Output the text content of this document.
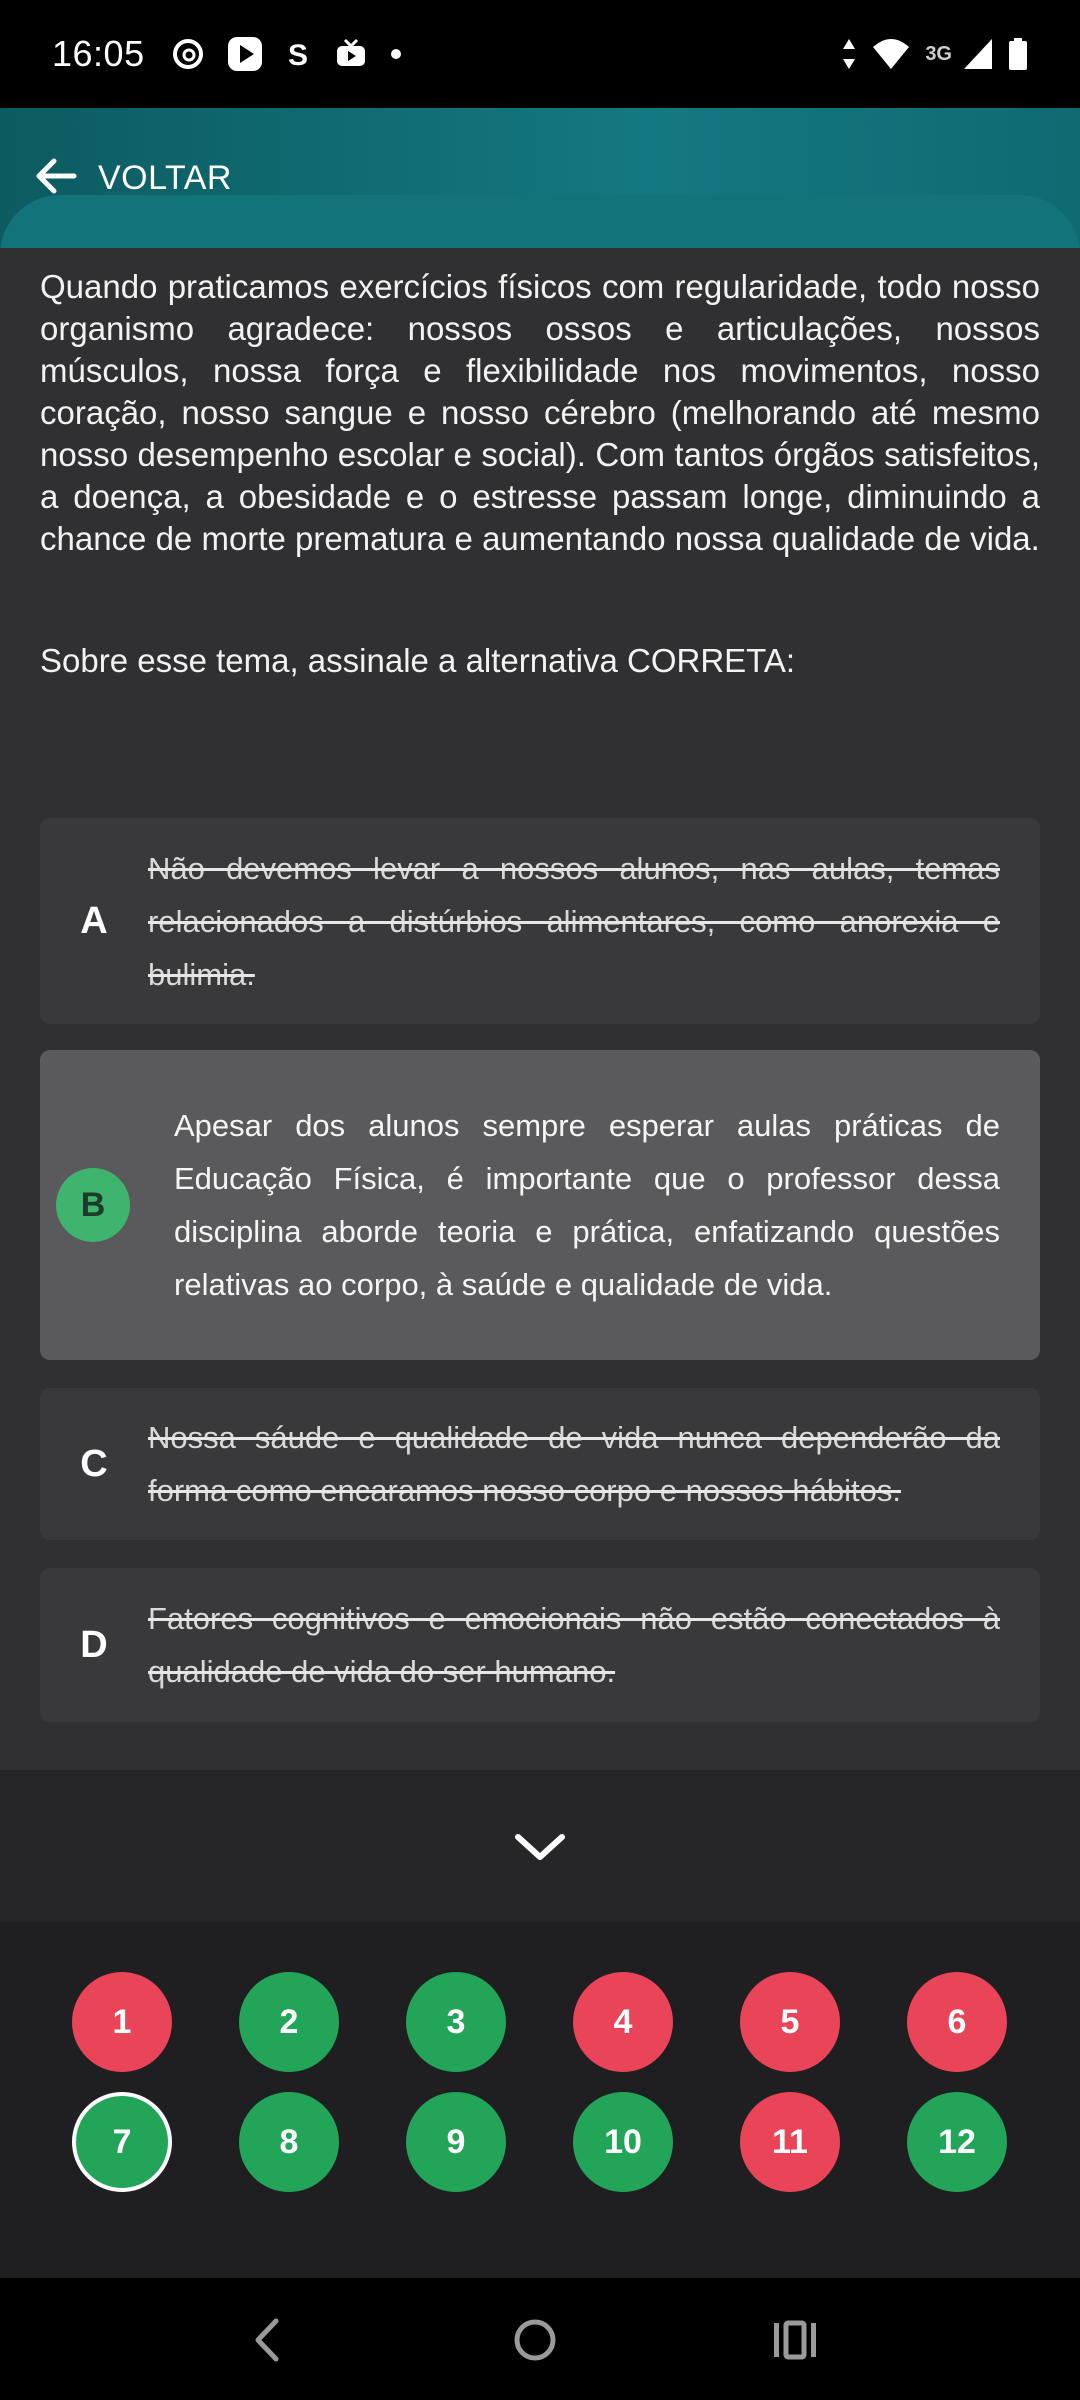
16:05	S	3G
VOLTAR

Quando praticamos exercícios físicos com regularidade, todo nosso organismo agradece: nossos ossos e articulações, nossos músculos, nossa força e flexibilidade nos movimentos, nosso coração, nosso sangue e nosso cérebro (melhorando até mesmo nosso desempenho escolar e social). Com tantos órgãos satisfeitos, a doença, a obesidade e o estresse passam longe, diminuindo a chance de morte prematura e aumentando nossa qualidade de vida.

Sobre esse tema, assinale a alternativa CORRETA:

A
Não devemos levar a nossos alunos, nas aulas, temas relacionados a distúrbios alimentares, como anorexia e bulimia.
B
Apesar dos alunos sempre esperar aulas práticas de Educação Física, é importante que o professor dessa disciplina aborde teoria e prática, enfatizando questões relativas ao corpo, à saúde e qualidade de vida.
C
Nossa sáude e qualidade de vida nunca dependerão da forma como encaramos nosso corpo e nossos hábitos.
D
Fatores cognitivos e emocionais não estão conectados à qualidade de vida do ser humano.
1	2	3	4	5	6
7	8	9	10	11	12
